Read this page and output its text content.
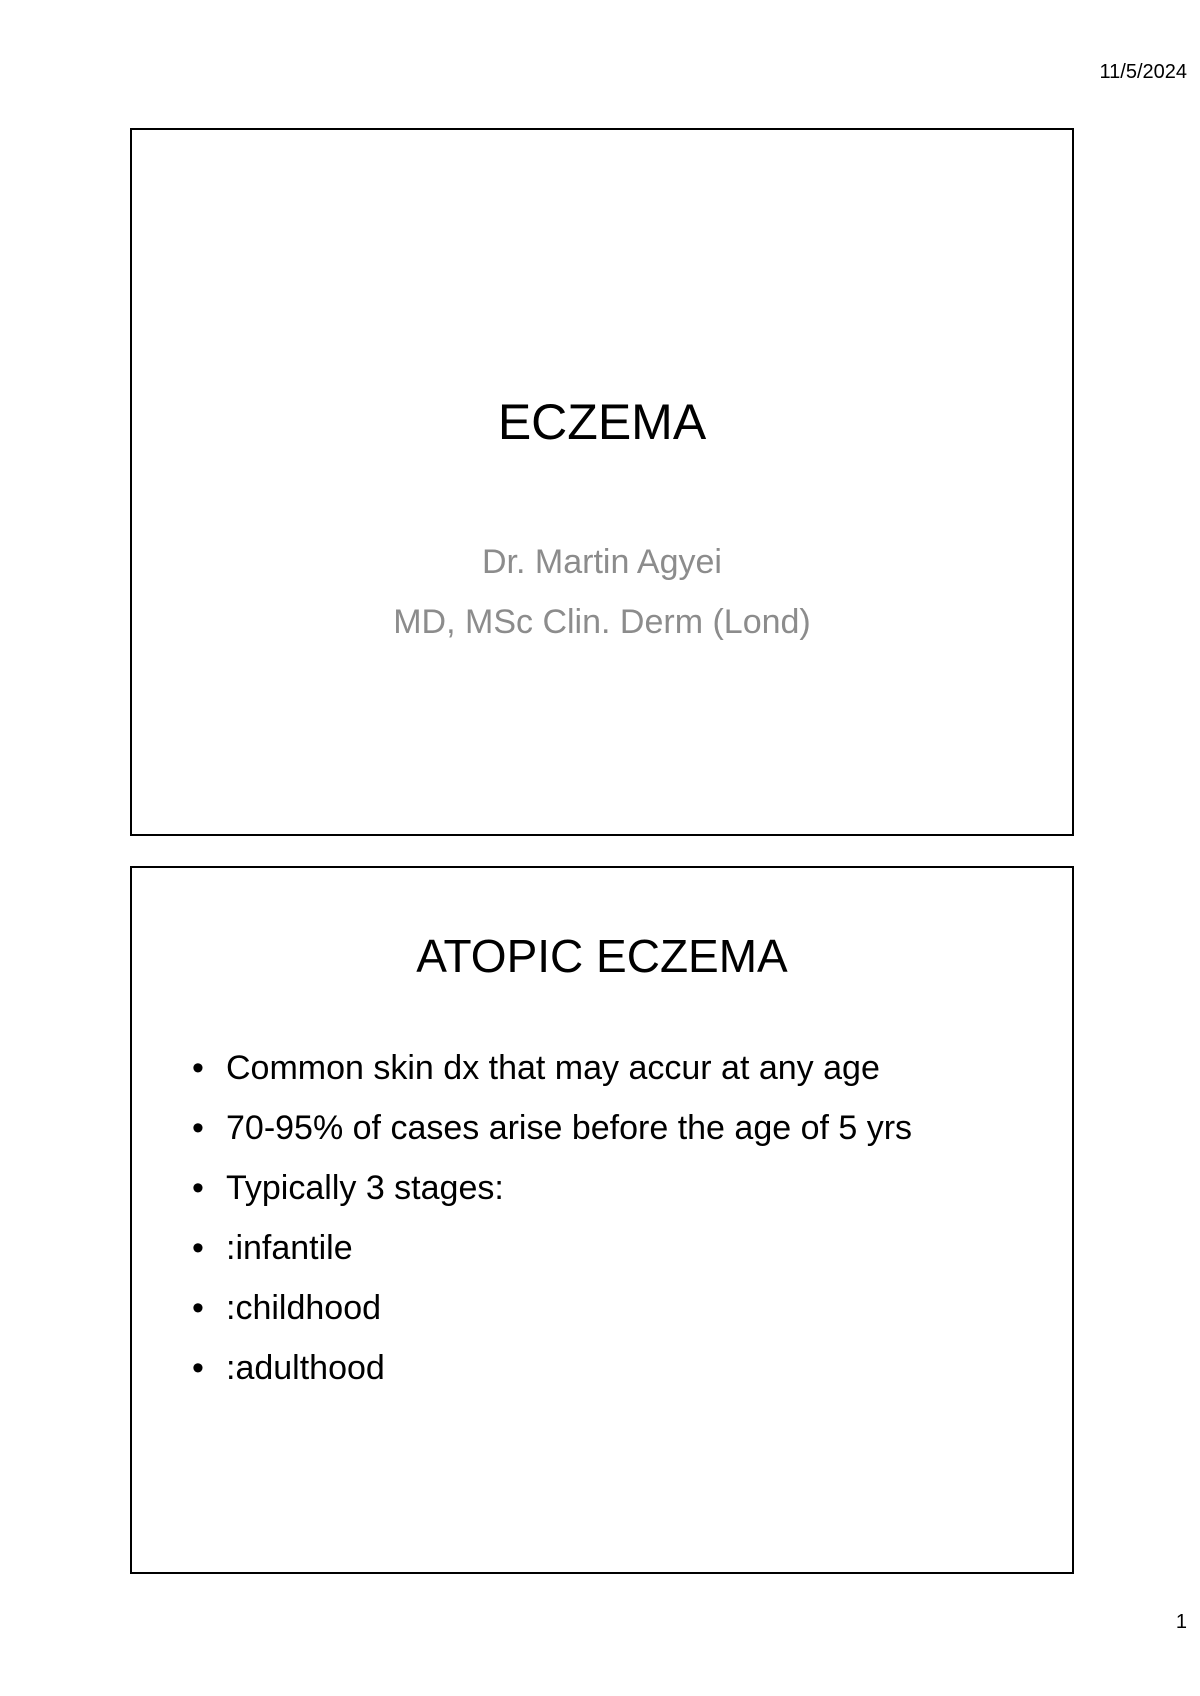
11/5/2024
ECZEMA
Dr. Martin Agyei
MD, MSc Clin. Derm (Lond)
ATOPIC ECZEMA
• Common skin dx that may accur at any age
• 70-95% of cases arise before the age of 5 yrs
• Typically 3 stages:
• :infantile
• :childhood
• :adulthood
1
